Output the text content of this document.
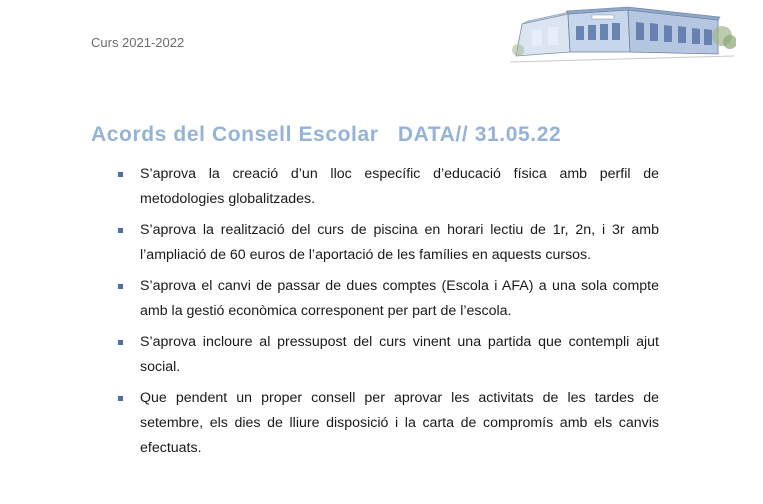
Curs 2021-2022
Acords del Consell Escolar   DATA// 31.05.22
S’aprova la creació d’un lloc específic d’educació física amb perfil de metodologies globalitzades.
S’aprova la realització del curs de piscina en horari lectiu de 1r, 2n, i 3r amb l’ampliació de 60 euros de l’aportació de les famílies en aquests cursos.
S’aprova el canvi de passar de dues comptes (Escola i AFA) a una sola compte amb la gestió econòmica corresponent per part de l’escola.
S’aprova incloure al pressupost del curs vinent una partida que contempli ajut social.
Que pendent un proper consell per aprovar les activitats de les tardes de setembre, els dies de lliure disposició i la carta de compromís amb els canvis efectuats.
